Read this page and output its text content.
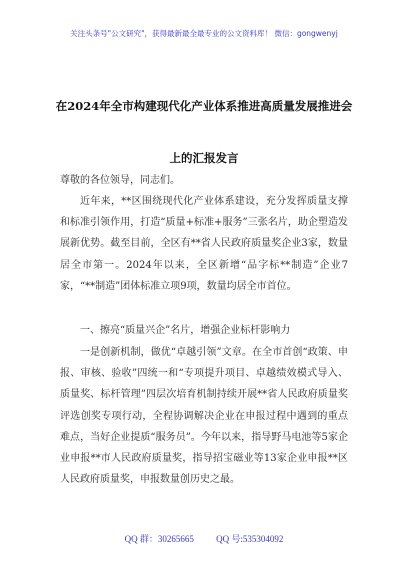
关注头条号"公文研究"，获得最新最全最专业的公文资料库！ 微信：gongwenyj
在2024年全市构建现代化产业体系推进高质量发展推进会
上的汇报发言
尊敬的各位领导，同志们。
近年来，**区围绕现代化产业体系建设，充分发挥质量支撑和标准引领作用，打造“质量+标准+服务”三张名片，助企塑造发展新优势。截至目前，全区有**省人民政府质量奖企业3家，数量居全市第一。2024年以来，全区新增“品字标**制造”企业7家，“**制造”团体标准立项9项，数量均居全市首位。
一、擦亮“质量兴企”名片，增强企业标杆影响力
一是创新机制，做优“卓越引领”文章。在全市首创“政策、申报、审核、验收”四统一和“专项提升项目、卓越绩效模式导入、质量奖、标杆管理”四层次培育机制持续开展**省人民政府质量奖评选创奖专项行动，全程协调解决企业在申报过程中遇到的重点难点，当好企业提质“服务员”。今年以来，指导野马电池等5家企业申报**市人民政府质量奖，指导招宝磁业等13家企业申报**区人民政府质量奖，申报数量创历史之最。
QQ 群：30265665 QQ 号:535304092
